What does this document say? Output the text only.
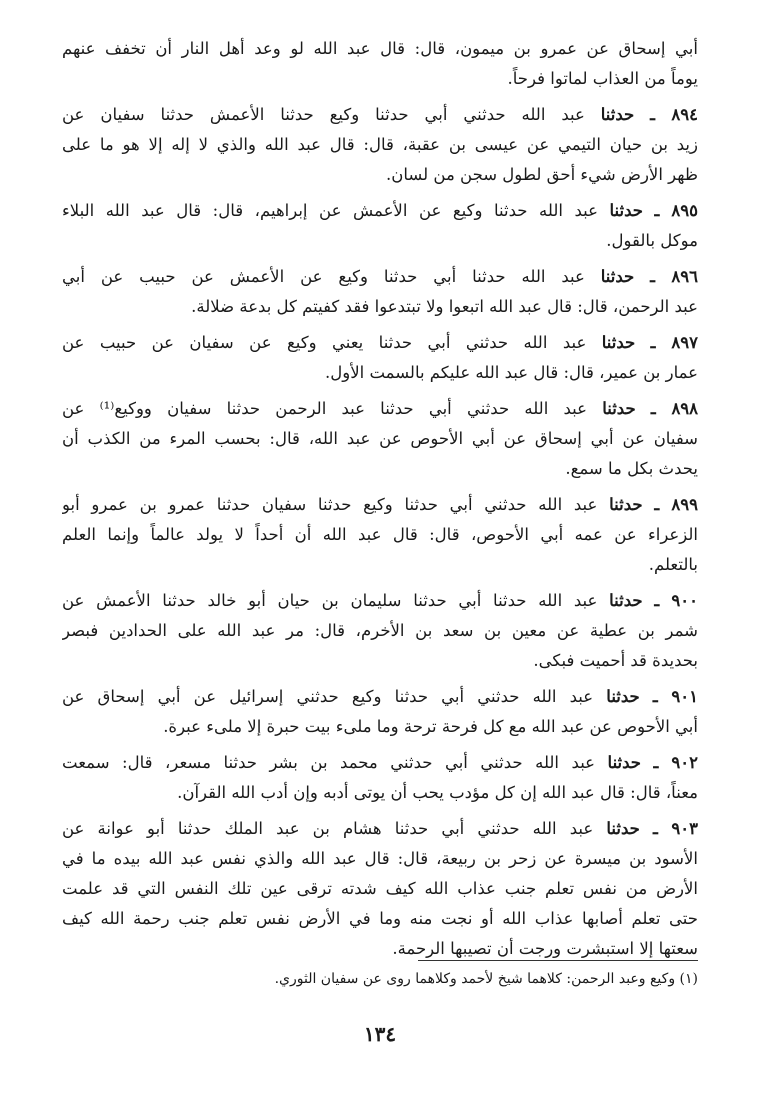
أبي إسحاق عن عمرو بن ميمون، قال: قال عبد الله لو وعد أهل النار أن تخفف عنهم

يوماً من العذاب لماتوا فرحاً.

٨٩٤ ـ حدثنا عبد الله حدثني أبي حدثنا وكيع حدثنا الأعمش حدثنا سفيان عن

زيد بن حيان التيمي عن عيسى بن عقبة، قال: قال عبد الله والذي لا إله إلا هو ما على

ظهر الأرض شيء أحق لطول سجن من لسان.

٨٩٥ ـ حدثنا عبد الله حدثنا وكيع عن الأعمش عن إبراهيم، قال: قال عبد الله البلاء

موكل بالقول.

٨٩٦ ـ حدثنا عبد الله حدثنا أبي حدثنا وكيع عن الأعمش عن حبيب عن أبي

عبد الرحمن، قال: قال عبد الله اتبعوا ولا تبتدعوا فقد كفيتم كل بدعة ضلالة.

٨٩٧ ـ حدثنا عبد الله حدثني أبي حدثنا يعني وكيع عن سفيان عن حبيب عن

عمار بن عمير، قال: قال عبد الله عليكم بالسمت الأول.

٨٩٨ ـ حدثنا عبد الله حدثني أبي حدثنا عبد الرحمن حدثنا سفيان ووكيع⁽¹⁾ عن

سفيان عن أبي إسحاق عن أبي الأحوص عن عبد الله، قال: بحسب المرء من الكذب أن

يحدث بكل ما سمع.

٨٩٩ ـ حدثنا عبد الله حدثني أبي حدثنا وكيع حدثنا سفيان حدثنا عمرو بن عمرو أبو

الزعراء عن عمه أبي الأحوص، قال: قال عبد الله أن أحداً لا يولد عالماً وإنما العلم

بالتعلم.

٩٠٠ ـ حدثنا عبد الله حدثنا أبي حدثنا سليمان بن حيان أبو خالد حدثنا الأعمش عن

شمر بن عطية عن معين بن سعد بن الأخرم، قال: مر عبد الله على الحدادين فبصر

بحديدة قد أحميت فبكى.

٩٠١ ـ حدثنا عبد الله حدثني أبي حدثنا وكيع حدثني إسرائيل عن أبي إسحاق عن

أبي الأحوص عن عبد الله مع كل فرحة ترحة وما ملىء بيت حبرة إلا ملىء عبرة.

٩٠٢ ـ حدثنا عبد الله حدثني أبي حدثني محمد بن بشر حدثنا مسعر، قال: سمعت

معناً، قال: قال عبد الله إن كل مؤدب يحب أن يوتى أدبه وإن أدب الله القرآن.

٩٠٣ ـ حدثنا عبد الله حدثني أبي حدثنا هشام بن عبد الملك حدثنا أبو عوانة عن

الأسود بن ميسرة عن زحر بن ربيعة، قال: قال عبد الله والذي نفس عبد الله بيده ما في

الأرض من نفس تعلم جنب عذاب الله كيف شدته ترقى عين تلك النفس التي قد علمت

حتى تعلم أصابها عذاب الله أو نجت منه وما في الأرض نفس تعلم جنب رحمة الله كيف

سعتها إلا استبشرت ورجت أن تصيبها الرحمة.

(١) وكيع وعبد الرحمن: كلاهما شيخ لأحمد وكلاهما روى عن سفيان الثوري.
١٣٤
